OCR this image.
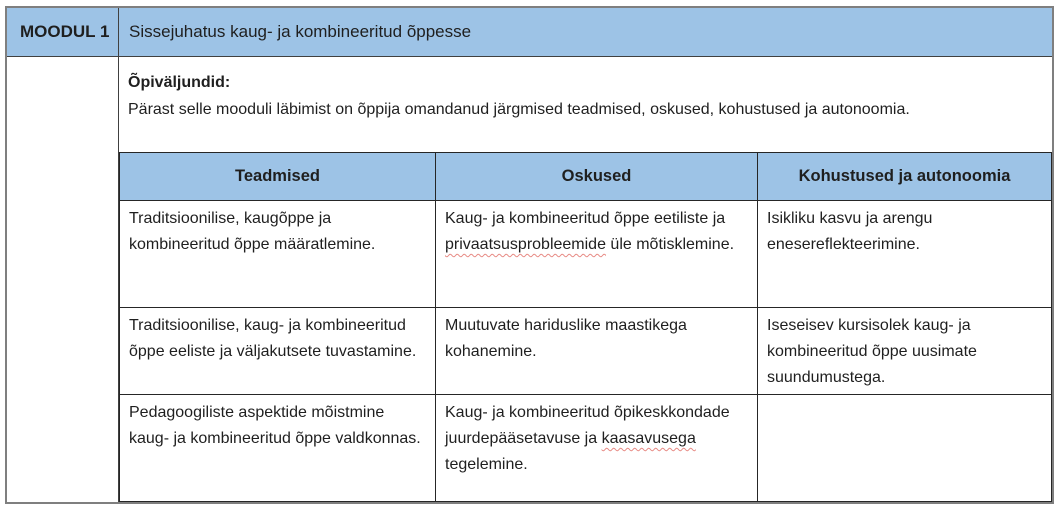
MOODUL 1 Sissejuhatus kaug- ja kombineeritud õppesse
Õpiväljundid:
Pärast selle mooduli läbimist on õppija omandanud järgmised teadmised, oskused, kohustused ja autonoomia.
Teadmised	Oskused	Kohustused ja autonoomia
Traditsioonilise, kaugõppe ja kombineeritud õppe määratlemine.	Kaug- ja kombineeritud õppe eetiliste ja privaatsusprobleemide üle mõtisklemine.	Isikliku kasvu ja arengu enesereflekteerimine.
Traditsioonilise, kaug- ja kombineeritud õppe eeliste ja väljakutsete tuvastamine.	Muutuvate hariduslike maastikega kohanemine.	Iseseisev kursisolek kaug- ja kombineeritud õppe uusimate suundumustega.
Pedagoogiliste aspektide mõistmine kaug- ja kombineeritud õppe valdkonnas.	Kaug- ja kombineeritud õpikeskkondade juurdepääsetavuse ja kaasavusega tegelemine.	
